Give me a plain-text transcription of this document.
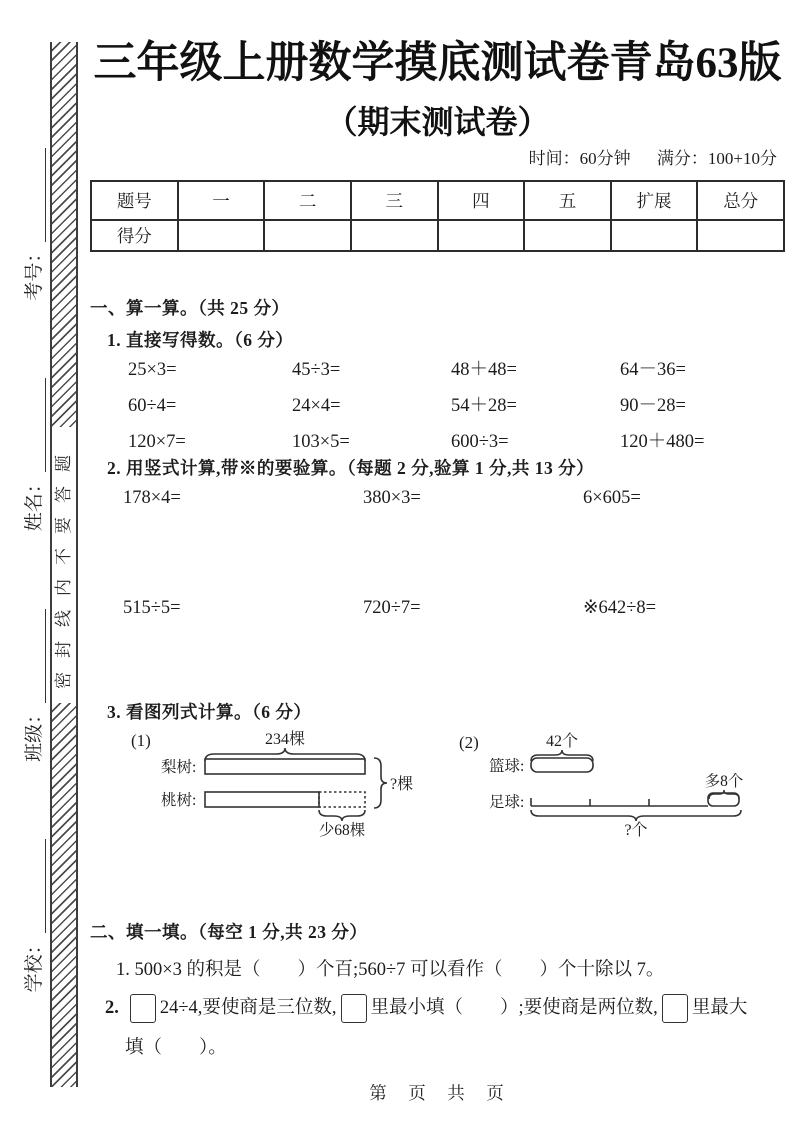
学校：
班级：
姓名：
考号：
密封线内不要答题
三年级上册数学摸底测试卷青岛63版
（期末测试卷）
时间：60分钟 满分：100+10分
题号	一	二	三	四	五	扩展	总分
得分							
一、算一算。（共 25 分）
1. 直接写得数。（6 分）
25×3=	45÷3=	48＋48=	64－36=
60÷4=	24×4=	54＋28=	90－28=
120×7=	103×5=	600÷3=	120＋480=
2. 用竖式计算,带※的要验算。（每题 2 分,验算 1 分,共 13 分）
178×4=	380×3=	6×605=
515÷5=	720÷7=	※642÷8=
3. 看图列式计算。（6 分）
(1)	234棵
梨树:
桃树:
?棵
少68棵
(2)	42个
篮球:
多8个
足球:
?个
二、填一填。（每空 1 分,共 23 分）
1. 500×3 的积是（　　）个百;560÷7 可以看作（　　）个十除以 7。
2. 24÷4,要使商是三位数, 里最小填（　　）;要使商是两位数, 里最大
填（　　）。
第　页　共　页
